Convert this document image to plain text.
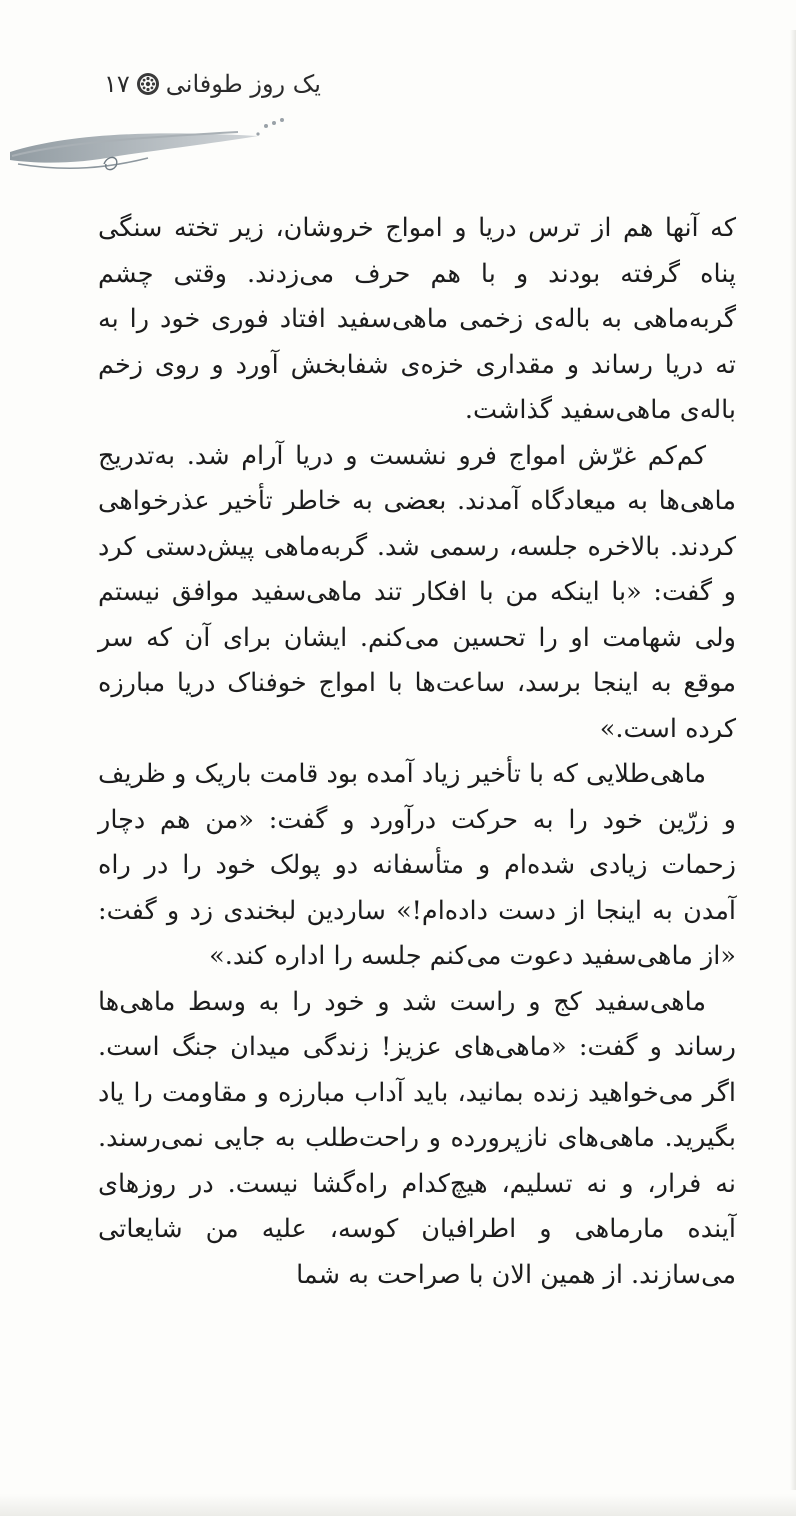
یک روز طوفانی
۱۷

که آنها هم از ترس دریا و امواج خروشان، زیر تخته سنگی پناه گرفته بودند و با هم حرف می‌زدند. وقتی چشم گربه‌ماهی به باله‌ی زخمی ماهی‌سفید افتاد فوری خود را به ته دریا رساند و مقداری خزه‌ی شفابخش آورد و روی زخم باله‌ی ماهی‌سفید گذاشت.

کم‌کم غرّش امواج فرو نشست و دریا آرام شد. به‌تدریج ماهی‌ها به میعادگاه آمدند. بعضی به خاطر تأخیر عذرخواهی کردند. بالاخره جلسه، رسمی شد. گربه‌ماهی پیش‌دستی کرد و گفت: «با اینکه من با افکار تند ماهی‌سفید موافق نیستم ولی شهامت او را تحسین می‌کنم. ایشان برای آن که سر موقع به اینجا برسد، ساعت‌ها با امواج خوفناک دریا مبارزه کرده است.»

ماهی‌طلایی که با تأخیر زیاد آمده بود قامت باریک و ظریف و زرّین خود را به حرکت درآورد و گفت: «من هم دچار زحمات زیادی شده‌ام و متأسفانه دو پولک خود را در راه آمدن به اینجا از دست داده‌ام!» ساردین لبخندی زد و گفت: «از ماهی‌سفید دعوت می‌کنم جلسه را اداره کند.»

ماهی‌سفید کج و راست شد و خود را به وسط ماهی‌ها رساند و گفت: «ماهی‌های عزیز! زندگی میدان جنگ است. اگر می‌خواهید زنده بمانید، باید آداب مبارزه و مقاومت را یاد بگیرید. ماهی‌های نازپرورده و راحت‌طلب به جایی نمی‌رسند. نه فرار، و نه تسلیم، هیچ‌کدام راه‌گشا نیست. در روزهای آینده مارماهی و اطرافیان کوسه، علیه من شایعاتی می‌سازند. از همین الان با صراحت به شما
